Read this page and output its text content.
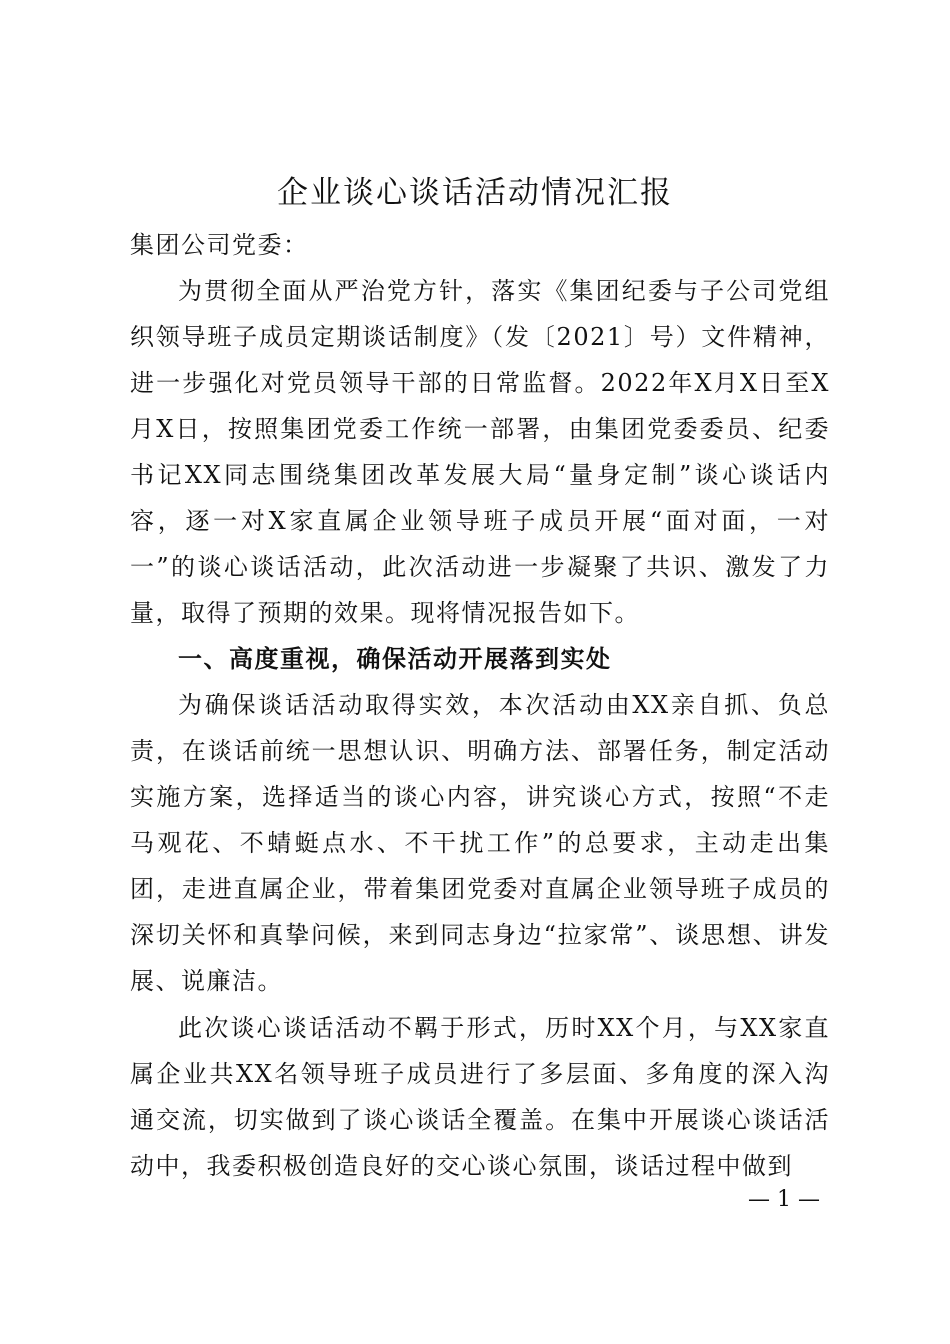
企业谈心谈话活动情况汇报
集团公司党委：
为贯彻全面从严治党方针，落实《集团纪委与子公司党组织领导班子成员定期谈话制度》（发〔2021〕号）文件精神，进一步强化对党员领导干部的日常监督。2022年X月X日至X月X日，按照集团党委工作统一部署，由集团党委委员、纪委书记XX同志围绕集团改革发展大局“量身定制”谈心谈话内容，逐一对X家直属企业领导班子成员开展“面对面，一对一”的谈心谈话活动，此次活动进一步凝聚了共识、激发了力量，取得了预期的效果。现将情况报告如下。
一、高度重视，确保活动开展落到实处
为确保谈话活动取得实效，本次活动由XX亲自抓、负总责，在谈话前统一思想认识、明确方法、部署任务，制定活动实施方案，选择适当的谈心内容，讲究谈心方式，按照“不走马观花、不蜻蜓点水、不干扰工作”的总要求，主动走出集团，走进直属企业，带着集团党委对直属企业领导班子成员的深切关怀和真挚问候，来到同志身边“拉家常”、谈思想、讲发展、说廉洁。
此次谈心谈话活动不羁于形式，历时XX个月，与XX家直属企业共XX名领导班子成员进行了多层面、多角度的深入沟通交流，切实做到了谈心谈话全覆盖。在集中开展谈心谈话活动中，我委积极创造良好的交心谈心氛围，谈话过程中做到
— 1 —
